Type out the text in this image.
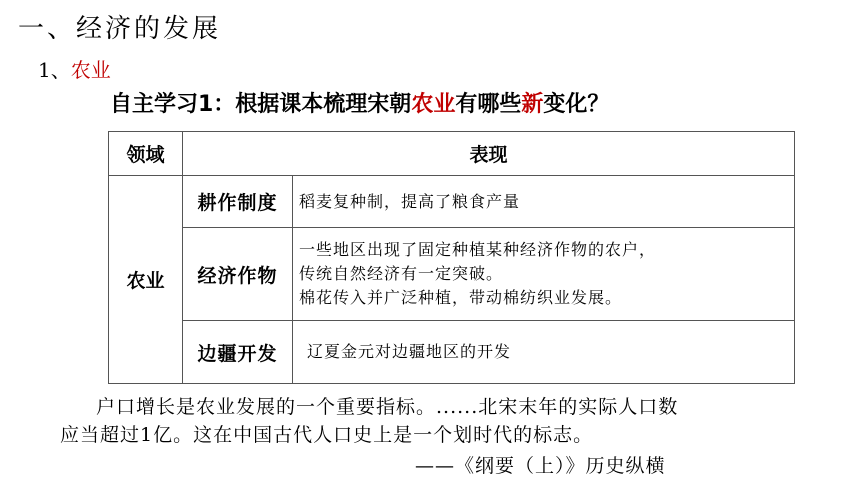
一、经济的发展
1、农业
自主学习1：根据课本梳理宋朝农业有哪些新变化？
领域	表现	
农业	耕作制度	稻麦复种制，提高了粮食产量
	经济作物	一些地区出现了固定种植某种经济作物的农户，
传统自然经济有一定突破。
棉花传入并广泛种植，带动棉纺织业发展。
	边疆开发	辽夏金元对边疆地区的开发
户口增长是农业发展的一个重要指标。......北宋末年的实际人口数
应当超过1亿。这在中国古代人口史上是一个划时代的标志。
——《纲要（上）》历史纵横
